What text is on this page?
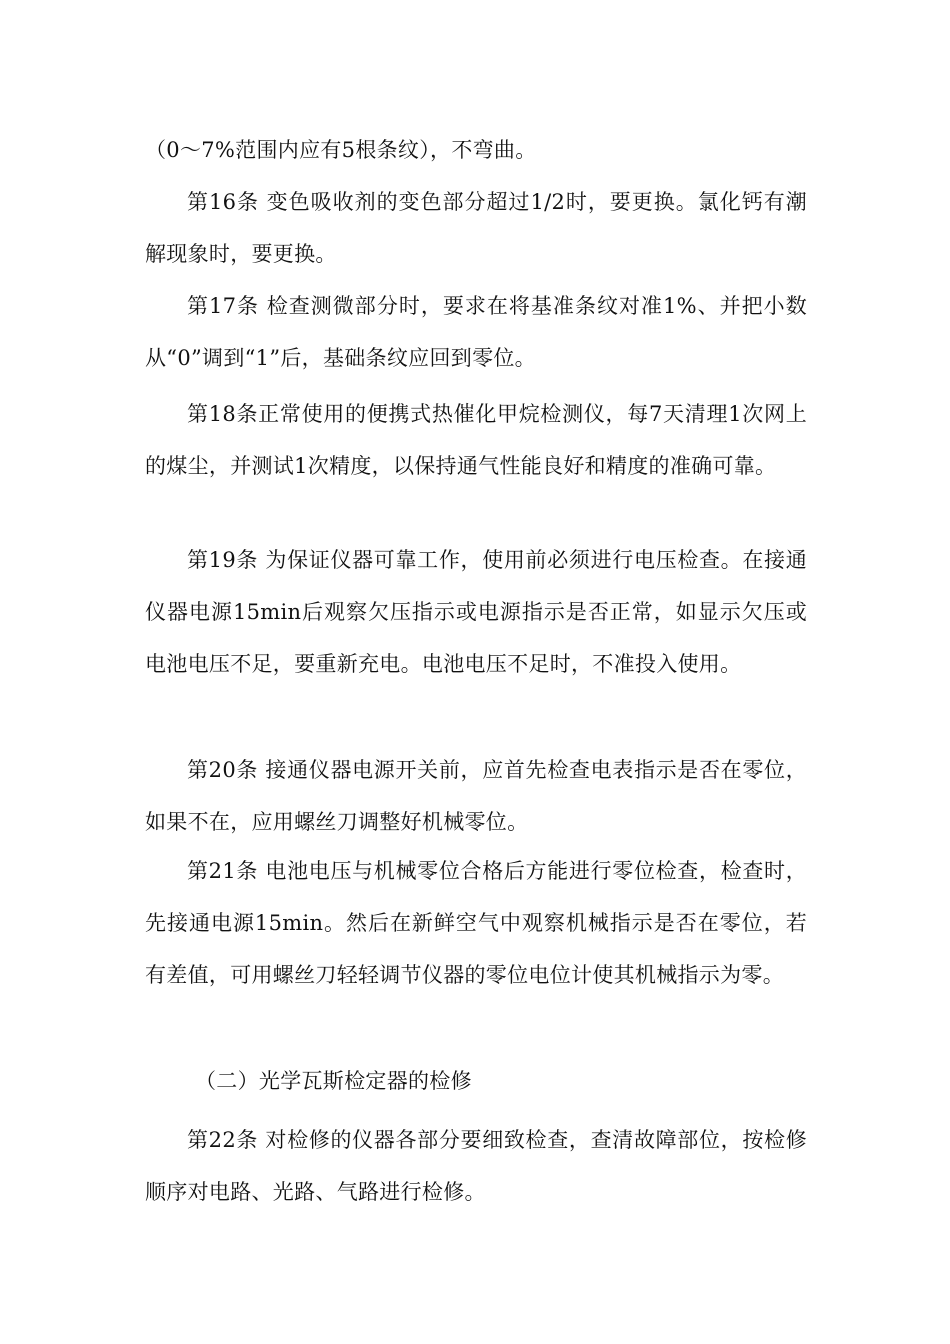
（0～7%范围内应有5根条纹），不弯曲。

第16条 变色吸收剂的变色部分超过1/2时，要更换。氯化钙有潮解现象时，要更换。

第17条 检查测微部分时，要求在将基准条纹对准1%、并把小数从“0”调到“1”后，基础条纹应回到零位。

第18条正常使用的便携式热催化甲烷检测仪，每7天清理1次网上的煤尘，并测试1次精度，以保持通气性能良好和精度的准确可靠。

第19条 为保证仪器可靠工作，使用前必须进行电压检查。在接通仪器电源15min后观察欠压指示或电源指示是否正常，如显示欠压或电池电压不足，要重新充电。电池电压不足时，不准投入使用。

第20条 接通仪器电源开关前，应首先检查电表指示是否在零位，如果不在，应用螺丝刀调整好机械零位。

第21条 电池电压与机械零位合格后方能进行零位检查，检查时，先接通电源15min。然后在新鲜空气中观察机械指示是否在零位，若有差值，可用螺丝刀轻轻调节仪器的零位电位计使其机械指示为零。

（二）光学瓦斯检定器的检修

第22条 对检修的仪器各部分要细致检查，查清故障部位，按检修顺序对电路、光路、气路进行检修。
